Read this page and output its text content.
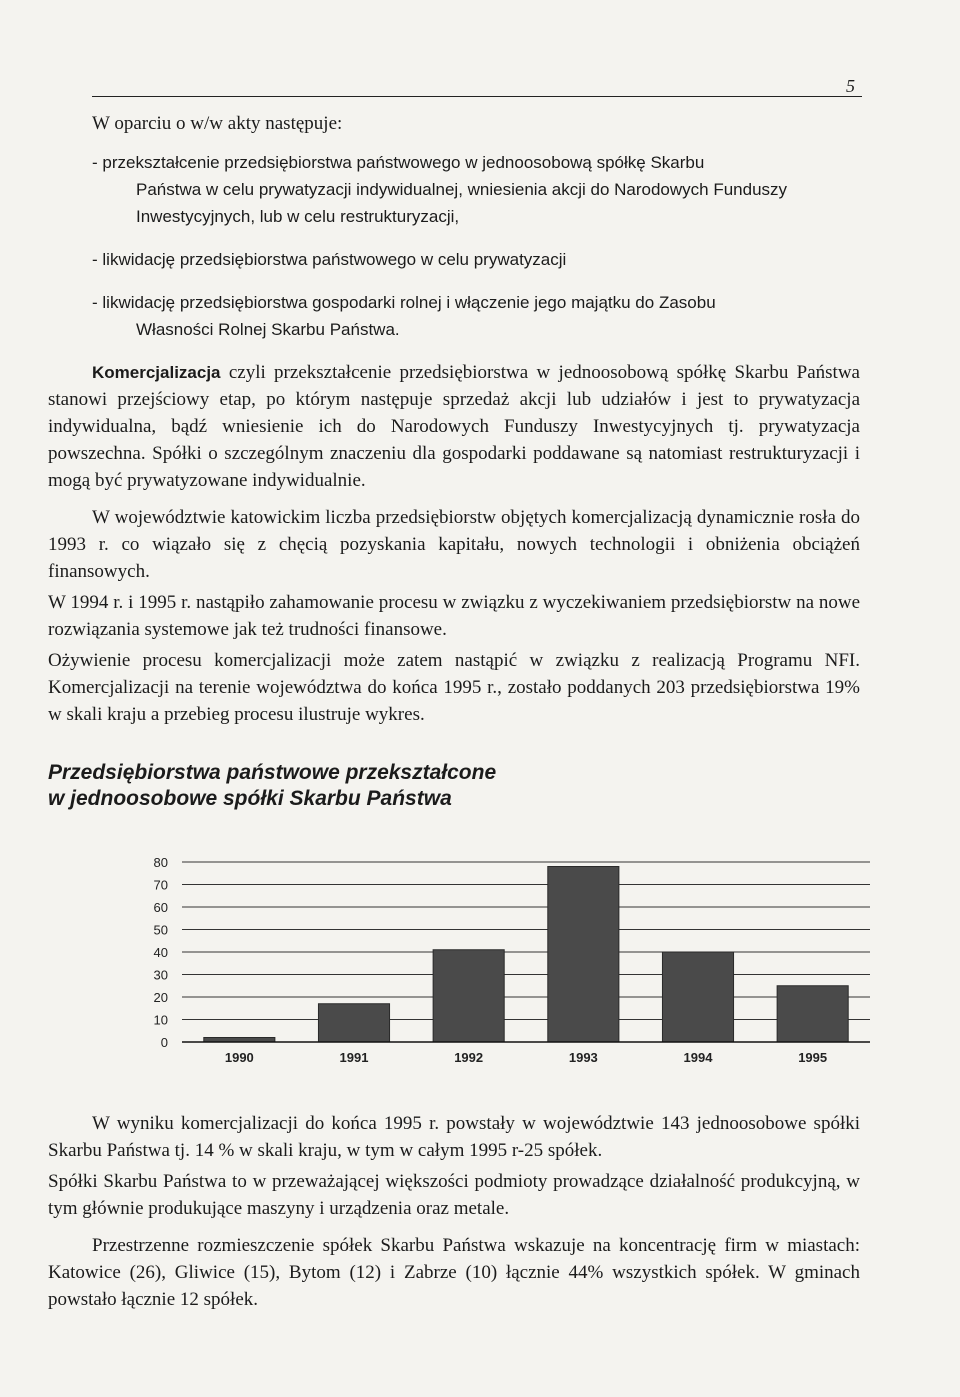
5

W oparciu o w/w akty następuje:

- przekształcenie przedsiębiorstwa państwowego w jednoosobową spółkę Skarbu

Państwa w celu prywatyzacji indywidualnej, wniesienia akcji do Narodowych Funduszy
Inwestycyjnych, lub w celu restrukturyzacji,
- likwidację przedsiębiorstwa państwowego w celu prywatyzacji
- likwidację przedsiębiorstwa gospodarki rolnej i włączenie jego majątku do Zasobu

Własności Rolnej Skarbu Państwa.

Komercjalizacja czyli przekształcenie przedsiębiorstwa w jednoosobową spółkę Skarbu Państwa stanowi przejściowy etap, po którym następuje sprzedaż akcji lub udziałów i jest to prywatyzacja indywidualna, bądź wniesienie ich do Narodowych Funduszy Inwestycyjnych tj. prywatyzacja powszechna. Spółki o szczególnym znaczeniu dla gospodarki poddawane są natomiast restrukturyzacji i mogą być prywatyzowane indywidualnie.

W województwie katowickim liczba przedsiębiorstw objętych komercjalizacją dynamicznie rosła do 1993 r. co wiązało się z chęcią pozyskania kapitału, nowych technologii i obniżenia obciążeń finansowych.

W 1994 r. i 1995 r. nastąpiło zahamowanie procesu w związku z wyczekiwaniem przedsiębiorstw na nowe rozwiązania systemowe jak też trudności finansowe.

Ożywienie procesu komercjalizacji może zatem nastąpić w związku z realizacją Programu NFI. Komercjalizacji na terenie województwa do końca 1995 r., zostało poddanych 203 przedsiębiorstwa 19% w skali kraju a przebieg procesu ilustruje wykres.

Przedsiębiorstwa państwowe przekształcone
w jednoosobowe spółki Skarbu Państwa
0
10
20
30
40
50
60
70
80
1990	1991	1992	1993	1994	1995

W wyniku komercjalizacji do końca 1995 r. powstały w województwie 143 jednoosobowe spółki Skarbu Państwa tj. 14 % w skali kraju, w tym w całym 1995 r-25 spółek.

Spółki Skarbu Państwa to w przeważającej większości podmioty prowadzące działalność produkcyjną, w tym głównie produkujące maszyny i urządzenia oraz metale.

Przestrzenne rozmieszczenie spółek Skarbu Państwa wskazuje na koncentrację firm w miastach: Katowice (26), Gliwice (15), Bytom (12) i Zabrze (10) łącznie 44% wszystkich spółek. W gminach powstało łącznie 12 spółek.
